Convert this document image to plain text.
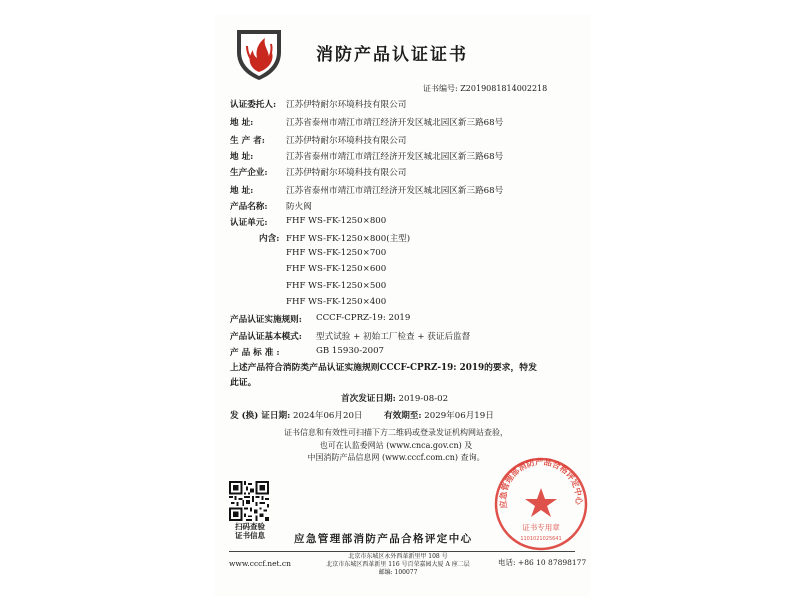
消防产品认证证书
证书编号: Z2019081814002218
认证委托人: 江苏伊特耐尔环境科技有限公司
地 址:	江苏省泰州市靖江市靖江经济开发区城北园区新三路68号
生 产 者: 江苏伊特耐尔环境科技有限公司
地 址:	江苏省泰州市靖江市靖江经济开发区城北园区新三路68号
生产企业: 江苏伊特耐尔环境科技有限公司
地 址:	江苏省泰州市靖江市靖江经济开发区城北园区新三路68号
产品名称: 防火阀
认证单元: FHF WS-FK-1250×800
内含: FHF WS-FK-1250×800(主型)
FHF WS-FK-1250×700
FHF WS-FK-1250×600
FHF WS-FK-1250×500
FHF WS-FK-1250×400
产品认证实施规则: CCCF-CPRZ-19: 2019
产品认证基本模式: 型式试验 + 初始工厂检查 + 获证后监督
产 品 标 准 :	GB 15930-2007
上述产品符合消防类产品认证实施规则CCCF-CPRZ-19: 2019的要求，特发此证。
首次发证日期: 2019-08-02
发 (换) 证日期: 2024年06月20日 有效期至: 2029年06月19日
证书信息和有效性可扫描下方二维码或登录发证机构网站查验，
也可在认监委网站 (www.cnca.gov.cn) 及
中国消防产品信息网 (www.cccf.com.cn) 查询。
扫码查验
证书信息
应急管理部消防产品合格评定中心
证书专用章
1101021025641
应急管理部消防产品合格评定中心
www.cccf.net.cn
北京市东城区永外西革新里甲 108 号
北京市东城区西革新里 116 号百荣嘉园大厦 A 座二层
邮编: 100077
电话: +86 10 87898177
